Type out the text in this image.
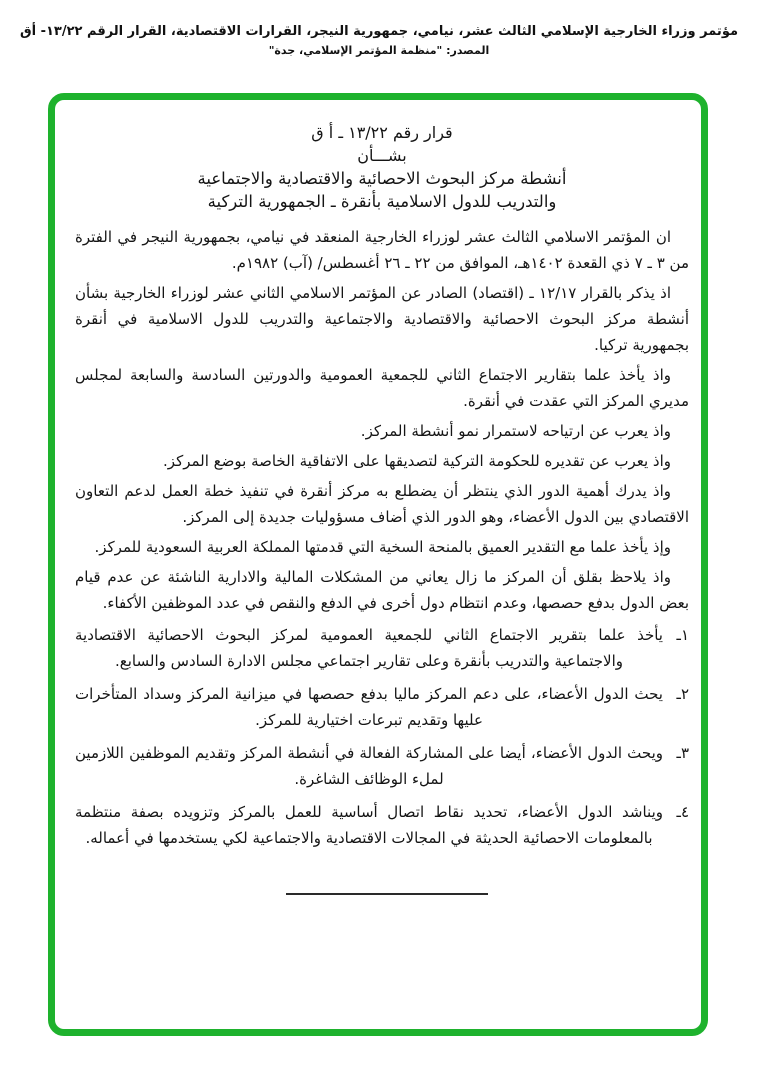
مؤتمر وزراء الخارجية الإسلامي الثالث عشر، نيامي، جمهورية النيجر، القرارات الاقتصادية، القرار الرقم ١٣/٢٢- أق
المصدر: "منظمة المؤتمر الإسلامي، جدة"
قرار رقم ١٣/٢٢ ـ أ ق
بشـــأن
أنشطة مركز البحوث الاحصائية والاقتصادية والاجتماعية
والتدريب للدول الاسلامية بأنقرة ـ الجمهورية التركية

ان المؤتمر الاسلامي الثالث عشر لوزراء الخارجية المنعقد في نيامي، بجمهورية النيجر في الفترة من ٣ ـ ٧ ذي القعدة ١٤٠٢هـ، الموافق من ٢٢ ـ ٢٦ أغسطس/ (آب) ١٩٨٢م.

اذ يذكر بالقرار ١٢/١٧ ـ (اقتصاد) الصادر عن المؤتمر الاسلامي الثاني عشر لوزراء الخارجية بشأن أنشطة مركز البحوث الاحصائية والاقتصادية والاجتماعية والتدريب للدول الاسلامية في أنقرة بجمهورية تركيا.

واذ يأخذ علما بتقارير الاجتماع الثاني للجمعية العمومية والدورتين السادسة والسابعة لمجلس مديري المركز التي عقدت في أنقرة.

واذ يعرب عن ارتياحه لاستمرار نمو أنشطة المركز.

واذ يعرب عن تقديره للحكومة التركية لتصديقها على الاتفاقية الخاصة بوضع المركز.

واذ يدرك أهمية الدور الذي ينتظر أن يضطلع به مركز أنقرة في تنفيذ خطة العمل لدعم التعاون الاقتصادي بين الدول الأعضاء، وهو الدور الذي أضاف مسؤوليات جديدة إلى المركز.

وإذ يأخذ علما مع التقدير العميق بالمنحة السخية التي قدمتها المملكة العربية السعودية للمركز.

واذ يلاحظ بقلق أن المركز ما زال يعاني من المشكلات المالية والادارية الناشئة عن عدم قيام بعض الدول بدفع حصصها، وعدم انتظام دول أخرى في الدفع والنقص في عدد الموظفين الأكفاء.

١ـ
يأخذ علما بتقرير الاجتماع الثاني للجمعية العمومية لمركز البحوث الاحصائية الاقتصادية والاجتماعية والتدريب بأنقرة وعلى تقارير اجتماعي مجلس الادارة السادس والسابع.
٢ـ
يحث الدول الأعضاء، على دعم المركز ماليا بدفع حصصها في ميزانية المركز وسداد المتأخرات عليها وتقديم تبرعات اختيارية للمركز.
٣ـ
ويحث الدول الأعضاء، أيضا على المشاركة الفعالة في أنشطة المركز وتقديم الموظفين اللازمين لملء الوظائف الشاغرة.
٤ـ
ويناشد الدول الأعضاء، تحديد نقاط اتصال أساسية للعمل بالمركز وتزويده بصفة منتظمة بالمعلومات الاحصائية الحديثة في المجالات الاقتصادية والاجتماعية لكي يستخدمها في أعماله.
